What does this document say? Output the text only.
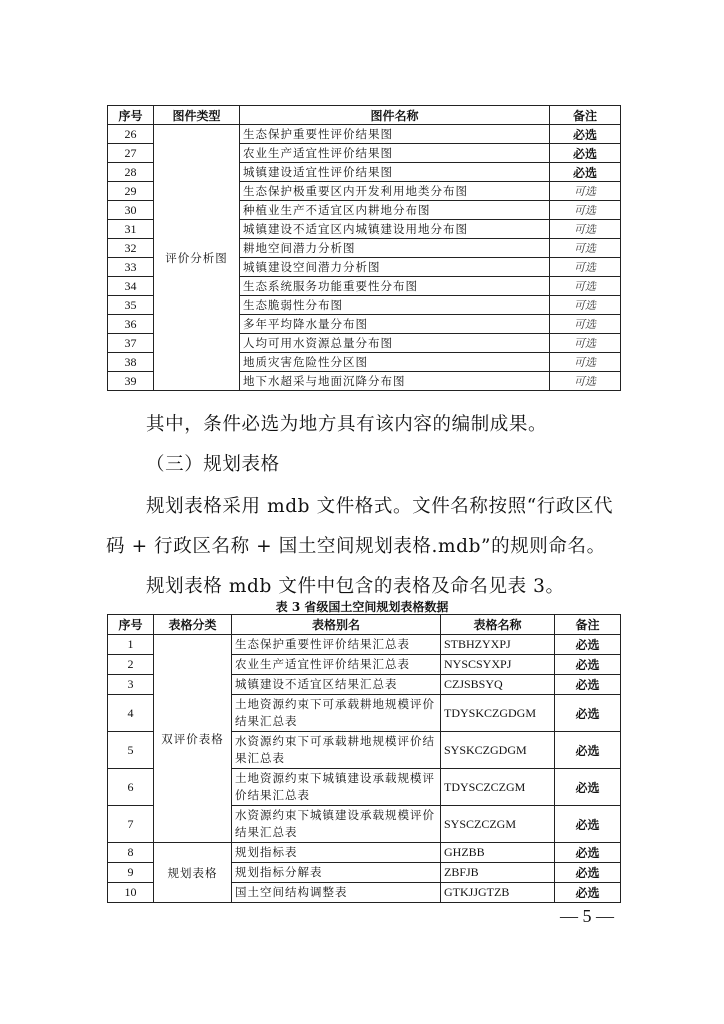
序号	图件类型	图件名称	备注
26	评价分析图	生态保护重要性评价结果图	必选
27		农业生产适宜性评价结果图	必选
28		城镇建设适宜性评价结果图	必选
29		生态保护极重要区内开发利用地类分布图	可选
30		种植业生产不适宜区内耕地分布图	可选
31		城镇建设不适宜区内城镇建设用地分布图	可选
32		耕地空间潜力分析图	可选
33		城镇建设空间潜力分析图	可选
34		生态系统服务功能重要性分布图	可选
35		生态脆弱性分布图	可选
36		多年平均降水量分布图	可选
37		人均可用水资源总量分布图	可选
38		地质灾害危险性分区图	可选
39		地下水超采与地面沉降分布图	可选
其中，条件必选为地方具有该内容的编制成果。
（三）规划表格
规划表格采用 mdb 文件格式。文件名称按照“行政区代
码 + 行政区名称 + 国土空间规划表格.mdb”的规则命名。
规划表格 mdb 文件中包含的表格及命名见表 3。
表 3 省级国土空间规划表格数据
序号	表格分类	表格别名	表格名称	备注
1	双评价表格	生态保护重要性评价结果汇总表	STBHZYXPJ	必选
2		农业生产适宜性评价结果汇总表	NYSCSYXPJ	必选
3		城镇建设不适宜区结果汇总表	CZJSBSYQ	必选
4		土地资源约束下可承载耕地规模评价
结果汇总表	TDYSKCZGDGM	必选
5		水资源约束下可承载耕地规模评价结
果汇总表	SYSKCZGDGM	必选
6		土地资源约束下城镇建设承载规模评
价结果汇总表	TDYSCZCZGM	必选
7		水资源约束下城镇建设承载规模评价
结果汇总表	SYSCZCZGM	必选
8	规划表格	规划指标表	GHZBB	必选
9		规划指标分解表	ZBFJB	必选
10		国土空间结构调整表	GTKJJGTZB	必选
— 5 —
